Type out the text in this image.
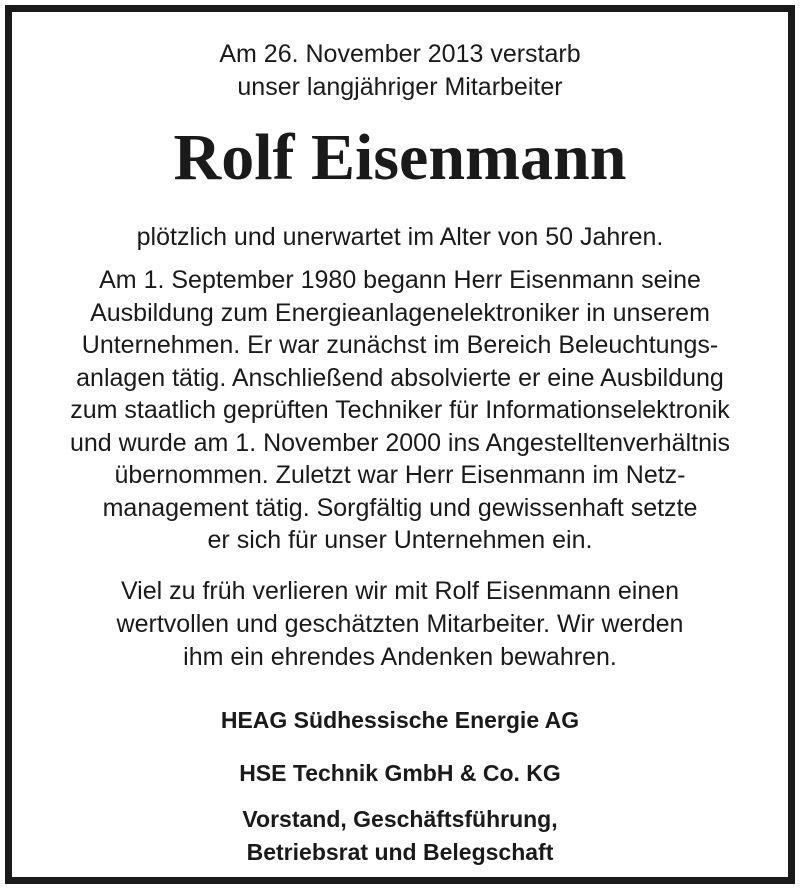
Am 26. November 2013 verstarb
unser langjähriger Mitarbeiter
Rolf Eisenmann
plötzlich und unerwartet im Alter von 50 Jahren.
Am 1. September 1980 begann Herr Eisenmann seine
Ausbildung zum Energieanlagenelektroniker in unserem
Unternehmen. Er war zunächst im Bereich Beleuchtungs-
anlagen tätig. Anschließend absolvierte er eine Ausbildung
zum staatlich geprüften Techniker für Informationselektronik
und wurde am 1. November 2000 ins Angestelltenverhältnis
übernommen. Zuletzt war Herr Eisenmann im Netz-
management tätig. Sorgfältig und gewissenhaft setzte
er sich für unser Unternehmen ein.
Viel zu früh verlieren wir mit Rolf Eisenmann einen
wertvollen und geschätzten Mitarbeiter. Wir werden
ihm ein ehrendes Andenken bewahren.
HEAG Südhessische Energie AG
HSE Technik GmbH & Co. KG
Vorstand, Geschäftsführung,
Betriebsrat und Belegschaft
